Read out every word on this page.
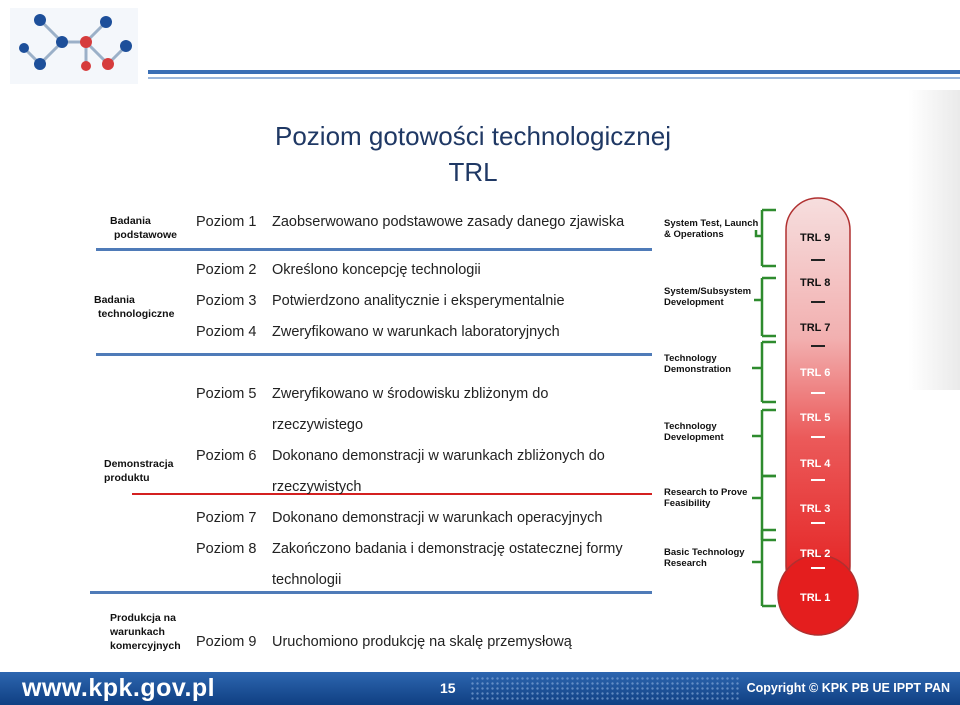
Poziom gotowości technologicznej
TRL
Badania
podstawowe
Badania
technologiczne
Demonstracja
produktu
Produkcja na
warunkach
komercyjnych
Poziom 1 Zaobserwowano podstawowe zasady danego zjawiska
Poziom 2 Określono koncepcję technologii
Poziom 3 Potwierdzono analitycznie i eksperymentalnie
Poziom 4 Zweryfikowano w warunkach laboratoryjnych
Poziom 5 Zweryfikowano w środowisku zbliżonym do
rzeczywistego
Poziom 6 Dokonano demonstracji w warunkach zbliżonych do
rzeczywistych
Poziom 7 Dokonano demonstracji w warunkach operacyjnych
Poziom 8 Zakończono badania i demonstrację ostatecznej formy
technologii
Poziom 9 Uruchomiono produkcję na skalę przemysłową
System Test, Launch
& Operations
System/Subsystem
Development
Technology
Demonstration
Technology
Development
Research to Prove
Feasibility
Basic Technology
Research
TRL 9
TRL 8
TRL 7
TRL 6
TRL 5
TRL 4
TRL 3
TRL 2
TRL 1
www.kpk.gov.pl	15	Copyright © KPK PB UE IPPT PAN
